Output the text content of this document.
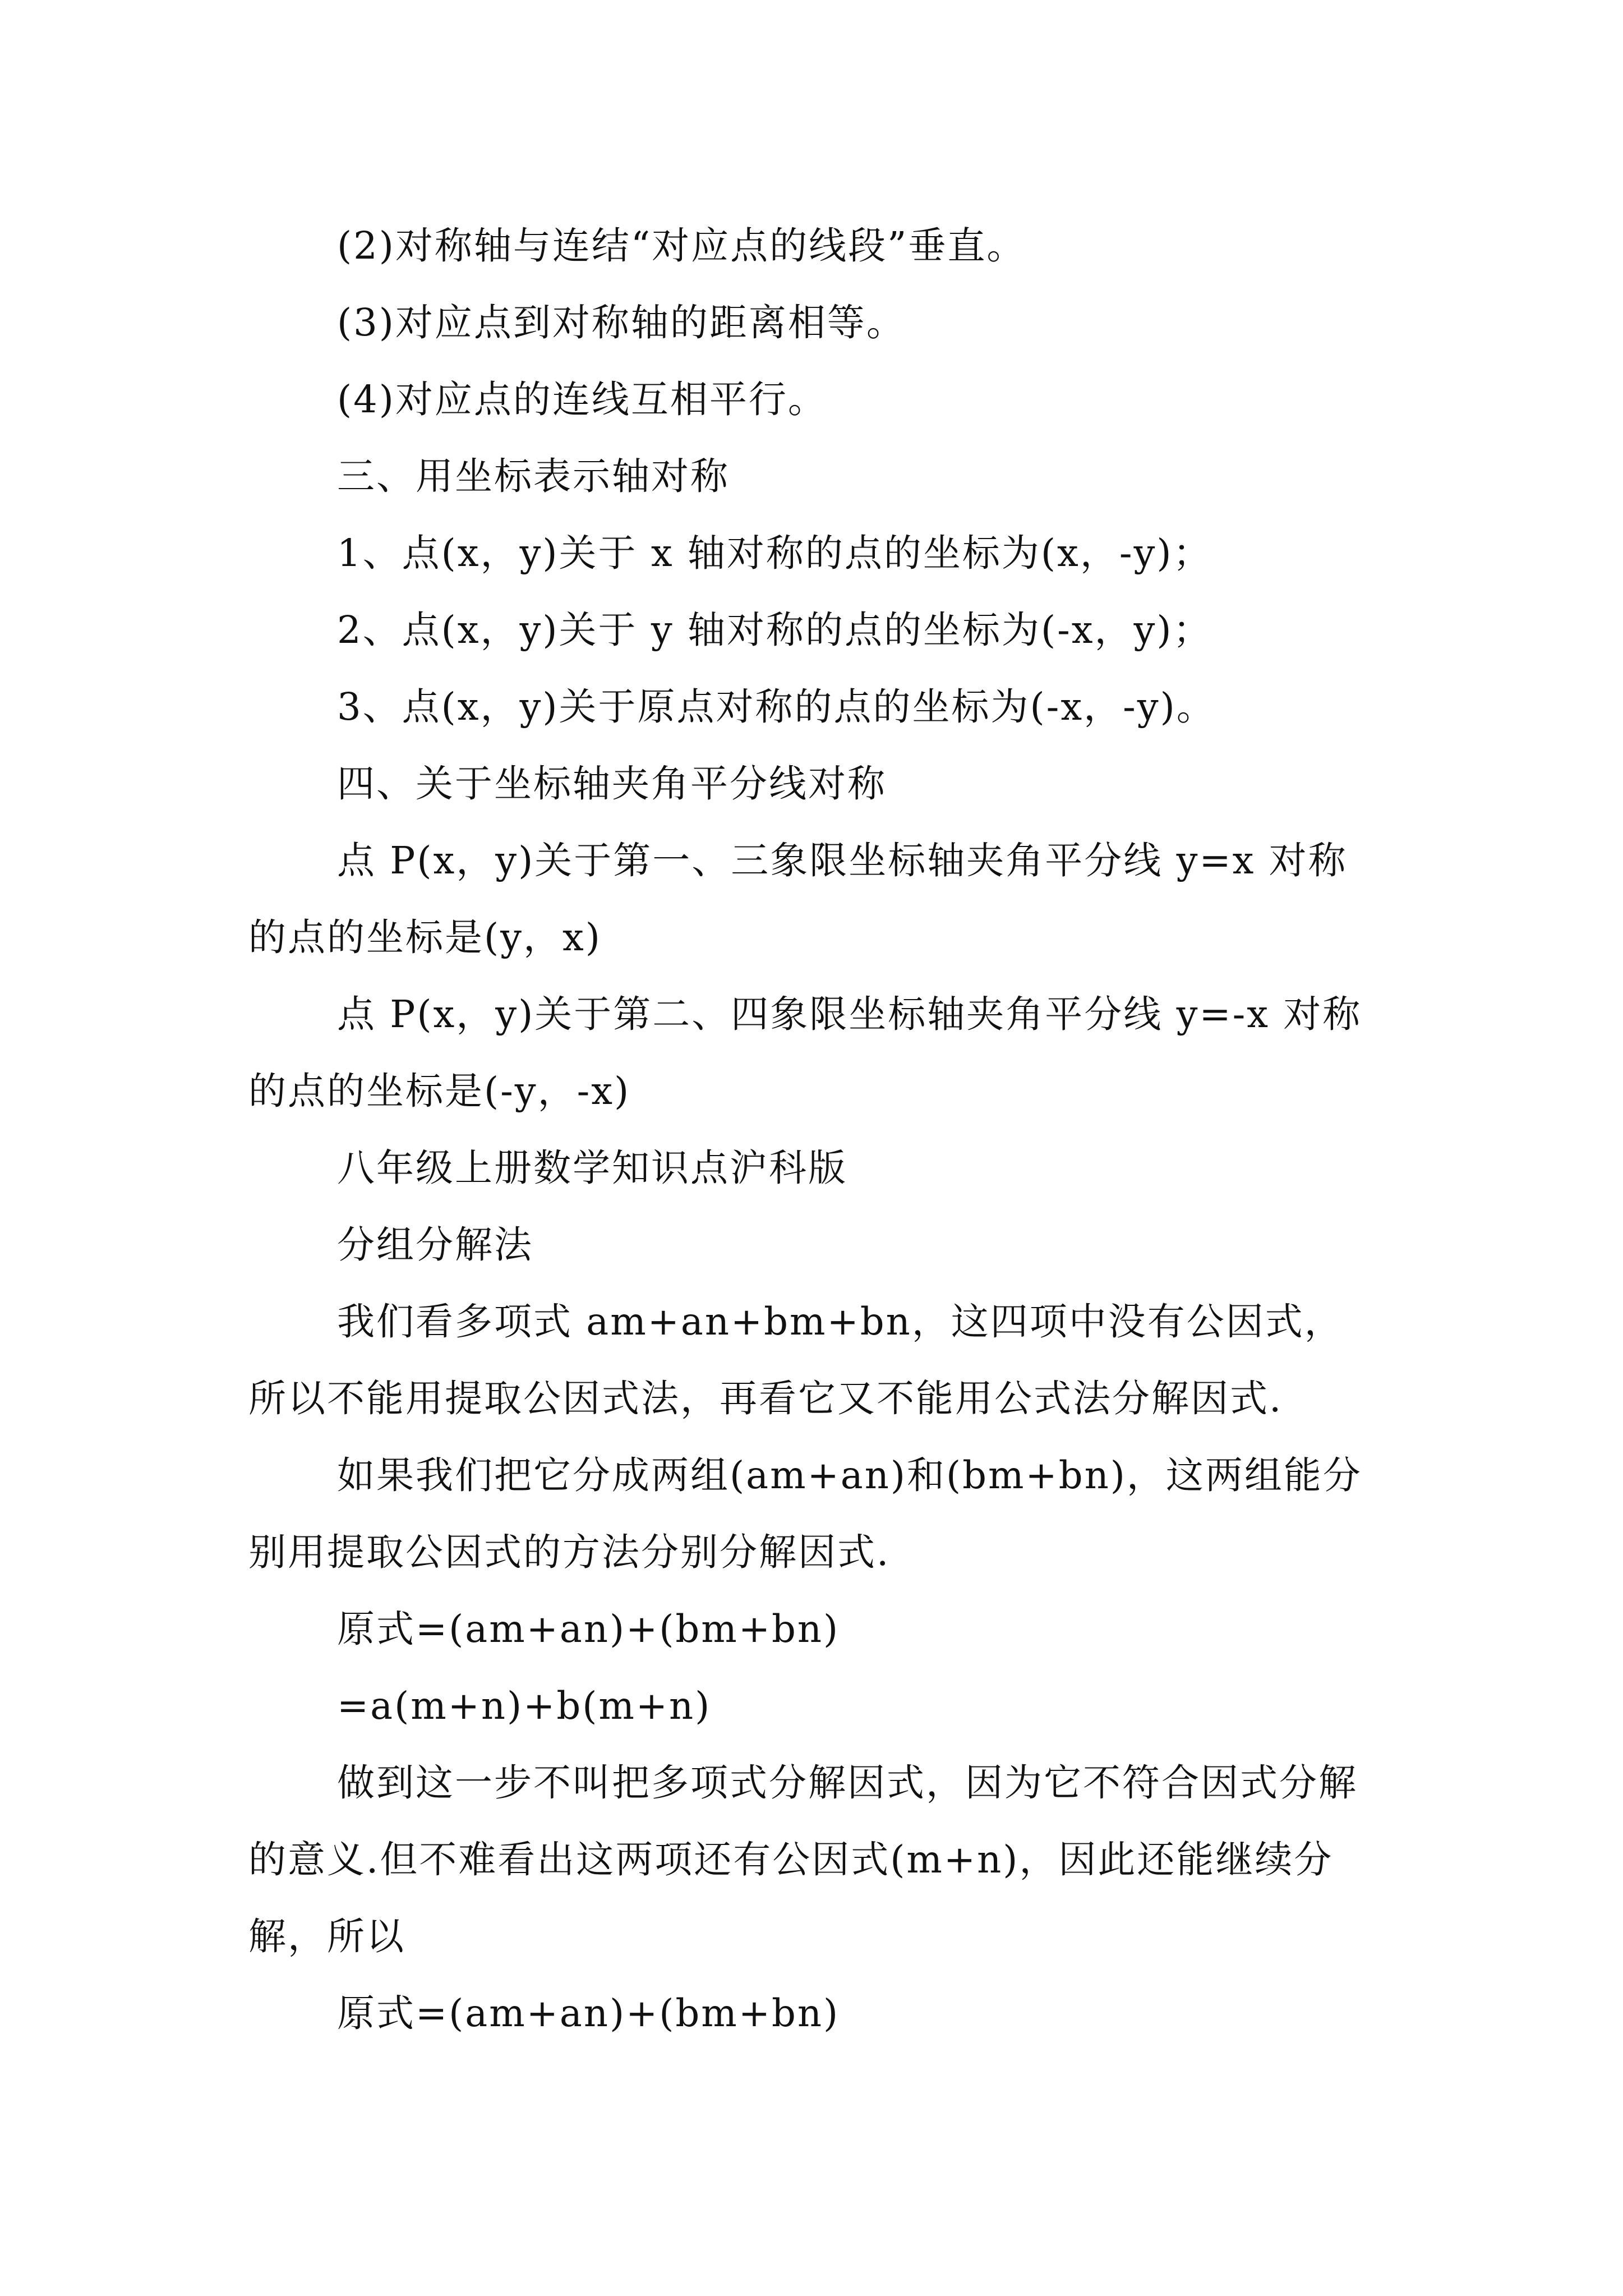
(2)对称轴与连结“对应点的线段”垂直。

(3)对应点到对称轴的距离相等。

(4)对应点的连线互相平行。

三、用坐标表示轴对称

1、点(x，y)关于 x 轴对称的点的坐标为(x，-y)；

2、点(x，y)关于 y 轴对称的点的坐标为(-x，y)；

3、点(x，y)关于原点对称的点的坐标为(-x，-y)。

四、关于坐标轴夹角平分线对称

点 P(x，y)关于第一、三象限坐标轴夹角平分线 y=x 对称的点的坐标是(y，x)

点 P(x，y)关于第二、四象限坐标轴夹角平分线 y=-x 对称的点的坐标是(-y，-x)

八年级上册数学知识点沪科版

分组分解法

我们看多项式 am+an+bm+bn，这四项中没有公因式，所以不能用提取公因式法，再看它又不能用公式法分解因式.

如果我们把它分成两组(am+an)和(bm+bn)，这两组能分别用提取公因式的方法分别分解因式.

原式=(am+an)+(bm+bn)

=a(m+n)+b(m+n)

做到这一步不叫把多项式分解因式，因为它不符合因式分解的意义.但不难看出这两项还有公因式(m+n)，因此还能继续分解，所以

原式=(am+an)+(bm+bn)
